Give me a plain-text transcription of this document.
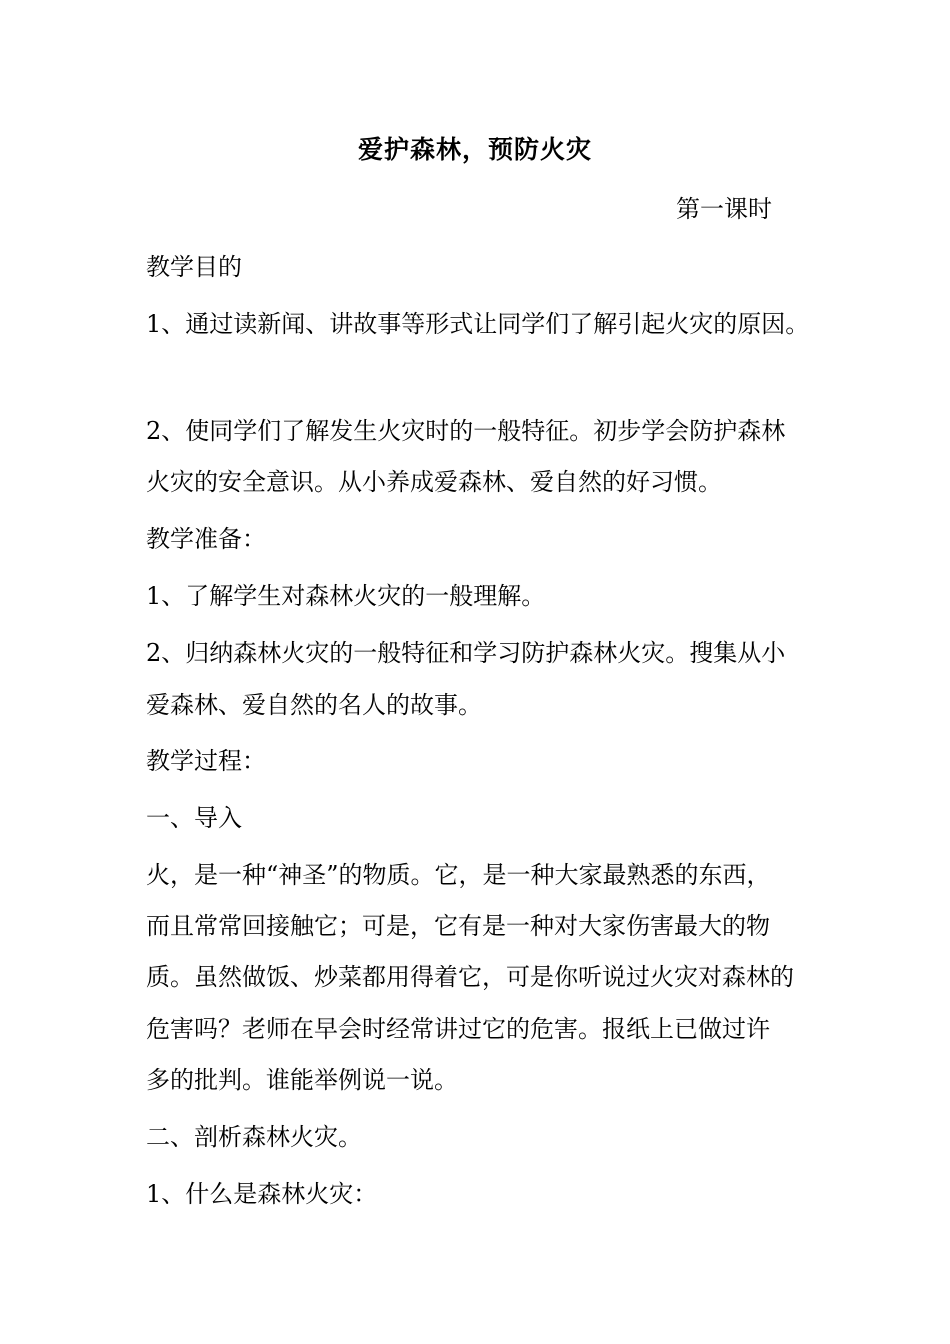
爱护森林，预防火灾
第一课时
教学目的
1、通过读新闻、讲故事等形式让同学们了解引起火灾的原因。
2、使同学们了解发生火灾时的一般特征。初步学会防护森林
火灾的安全意识。从小养成爱森林、爱自然的好习惯。
教学准备：
1、了解学生对森林火灾的一般理解。
2、归纳森林火灾的一般特征和学习防护森林火灾。搜集从小
爱森林、爱自然的名人的故事。
教学过程：
一、导入
火，是一种“神圣”的物质。它，是一种大家最熟悉的东西，
而且常常回接触它；可是，它有是一种对大家伤害最大的物
质。虽然做饭、炒菜都用得着它，可是你听说过火灾对森林的
危害吗？老师在早会时经常讲过它的危害。报纸上已做过许
多的批判。谁能举例说一说。
二、剖析森林火灾。
1、什么是森林火灾：
